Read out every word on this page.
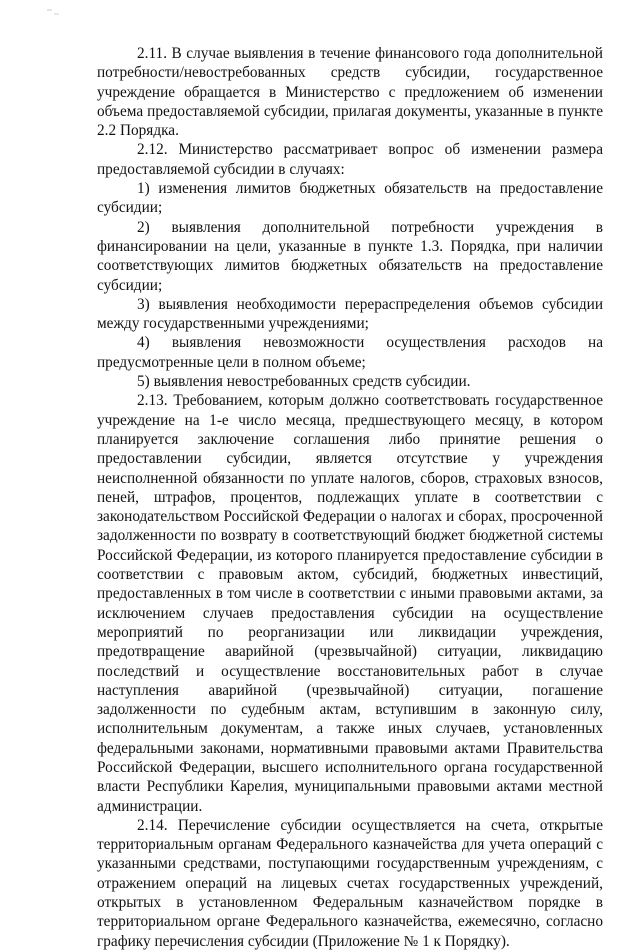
2.11. В случае выявления в течение финансового года дополнительной потребности/невостребованных средств субсидии, государственное учреждение обращается в Министерство с предложением об изменении объема предоставляемой субсидии, прилагая документы, указанные в пункте 2.2 Порядка.

2.12. Министерство рассматривает вопрос об изменении размера предоставляемой субсидии в случаях:

1) изменения лимитов бюджетных обязательств на предоставление субсидии;

2) выявления дополнительной потребности учреждения в финансировании на цели, указанные в пункте 1.3. Порядка, при наличии соответствующих лимитов бюджетных обязательств на предоставление субсидии;

3) выявления необходимости перераспределения объемов субсидии между государственными учреждениями;

4) выявления невозможности осуществления расходов на предусмотренные цели в полном объеме;

5) выявления невостребованных средств субсидии.

2.13. Требованием, которым должно соответствовать государственное учреждение на 1-е число месяца, предшествующего месяцу, в котором планируется заключение соглашения либо принятие решения о предоставлении субсидии, является отсутствие у учреждения неисполненной обязанности по уплате налогов, сборов, страховых взносов, пеней, штрафов, процентов, подлежащих уплате в соответствии с законодательством Российской Федерации о налогах и сборах, просроченной задолженности по возврату в соответствующий бюджет бюджетной системы Российской Федерации, из которого планируется предоставление субсидии в соответствии с правовым актом, субсидий, бюджетных инвестиций, предоставленных в том числе в соответствии с иными правовыми актами, за исключением случаев предоставления субсидии на осуществление мероприятий по реорганизации или ликвидации учреждения, предотвращение аварийной (чрезвычайной) ситуации, ликвидацию последствий и осуществление восстановительных работ в случае наступления аварийной (чрезвычайной) ситуации, погашение задолженности по судебным актам, вступившим в законную силу, исполнительным документам, а также иных случаев, установленных федеральными законами, нормативными правовыми актами Правительства Российской Федерации, высшего исполнительного органа государственной власти Республики Карелия, муниципальными правовыми актами местной администрации.

2.14. Перечисление субсидии осуществляется на счета, открытые территориальным органам Федерального казначейства для учета операций с указанными средствами, поступающими государственным учреждениям, с отражением операций на лицевых счетах государственных учреждений, открытых в установленном Федеральным казначейством порядке в территориальном органе Федерального казначейства, ежемесячно, согласно графику перечисления субсидии (Приложение № 1 к Порядку).
